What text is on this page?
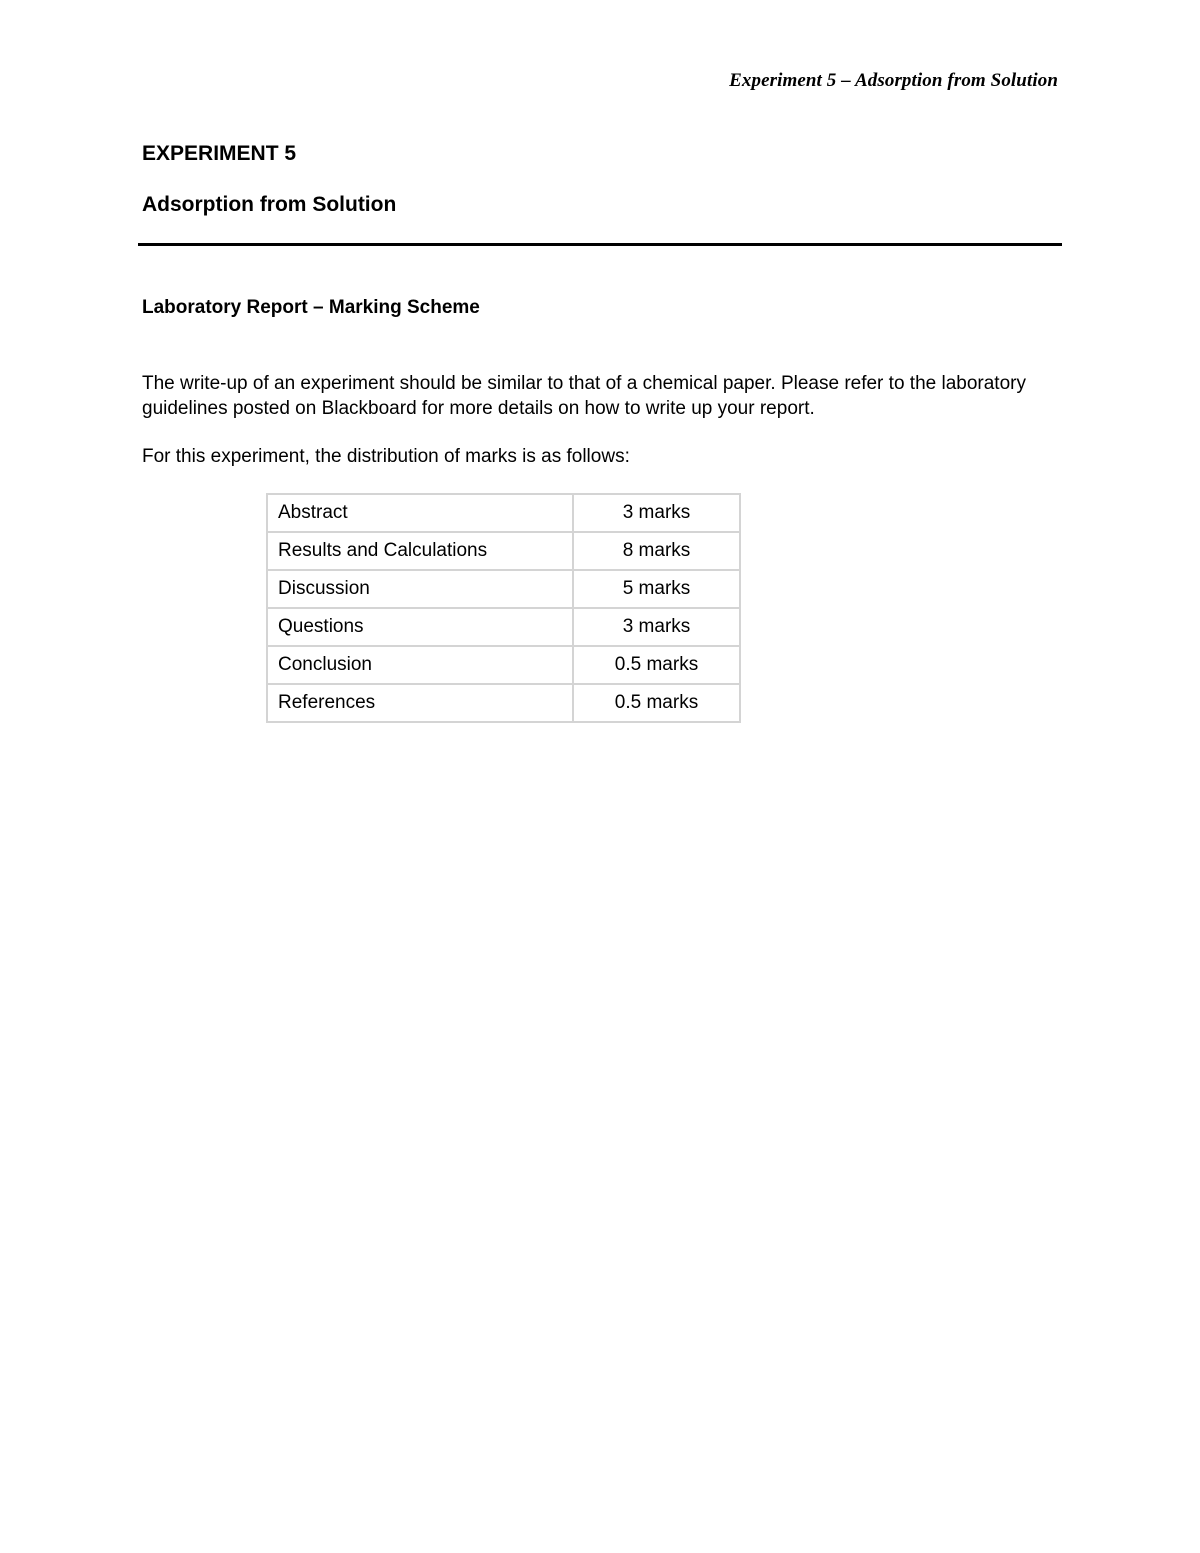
Experiment 5 – Adsorption from Solution
EXPERIMENT 5
Adsorption from Solution
Laboratory Report – Marking Scheme

The write-up of an experiment should be similar to that of a chemical paper. Please refer to the laboratory guidelines posted on Blackboard for more details on how to write up your report.

For this experiment, the distribution of marks is as follows:

Abstract	3 marks
Results and Calculations	8 marks
Discussion	5 marks
Questions	3 marks
Conclusion	0.5 marks
References	0.5 marks
